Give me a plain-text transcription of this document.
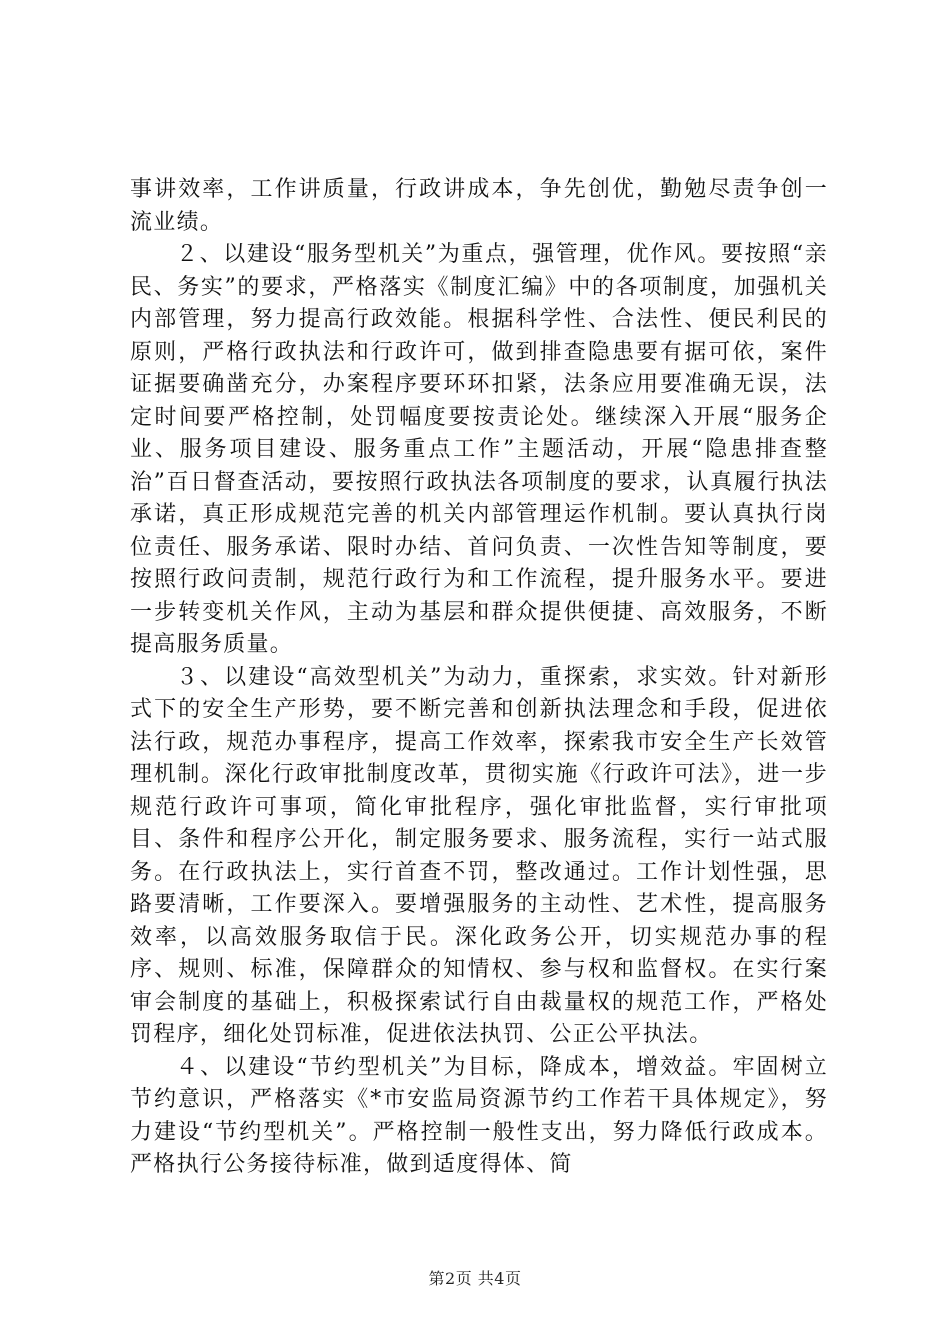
事讲效率，工作讲质量，行政讲成本，争先创优，勤勉尽责争创一流业绩。

２、以建设“服务型机关”为重点，强管理，优作风。要按照“亲民、务实”的要求，严格落实《制度汇编》中的各项制度，加强机关内部管理，努力提高行政效能。根据科学性、合法性、便民利民的原则，严格行政执法和行政许可，做到排查隐患要有据可依，案件证据要确凿充分，办案程序要环环扣紧，法条应用要准确无误，法定时间要严格控制，处罚幅度要按责论处。继续深入开展“服务企业、服务项目建设、服务重点工作”主题活动，开展“隐患排查整治”百日督查活动，要按照行政执法各项制度的要求，认真履行执法承诺，真正形成规范完善的机关内部管理运作机制。要认真执行岗位责任、服务承诺、限时办结、首问负责、一次性告知等制度，要按照行政问责制，规范行政行为和工作流程，提升服务水平。要进一步转变机关作风，主动为基层和群众提供便捷、高效服务，不断提高服务质量。

３、以建设“高效型机关”为动力，重探索，求实效。针对新形式下的安全生产形势，要不断完善和创新执法理念和手段，促进依法行政，规范办事程序，提高工作效率，探索我市安全生产长效管理机制。深化行政审批制度改革，贯彻实施《行政许可法》，进一步规范行政许可事项，简化审批程序，强化审批监督，实行审批项目、条件和程序公开化，制定服务要求、服务流程，实行一站式服务。在行政执法上，实行首查不罚，整改通过。工作计划性强，思路要清晰，工作要深入。要增强服务的主动性、艺术性，提高服务效率，以高效服务取信于民。深化政务公开，切实规范办事的程序、规则、标准，保障群众的知情权、参与权和监督权。在实行案审会制度的基础上，积极探索试行自由裁量权的规范工作，严格处罚程序，细化处罚标准，促进依法执罚、公正公平执法。

４、以建设“节约型机关”为目标，降成本，增效益。牢固树立节约意识，严格落实《*市安监局资源节约工作若干具体规定》，努力建设“节约型机关”。严格控制一般性支出，努力降低行政成本。严格执行公务接待标准，做到适度得体、简

第2页 共4页
